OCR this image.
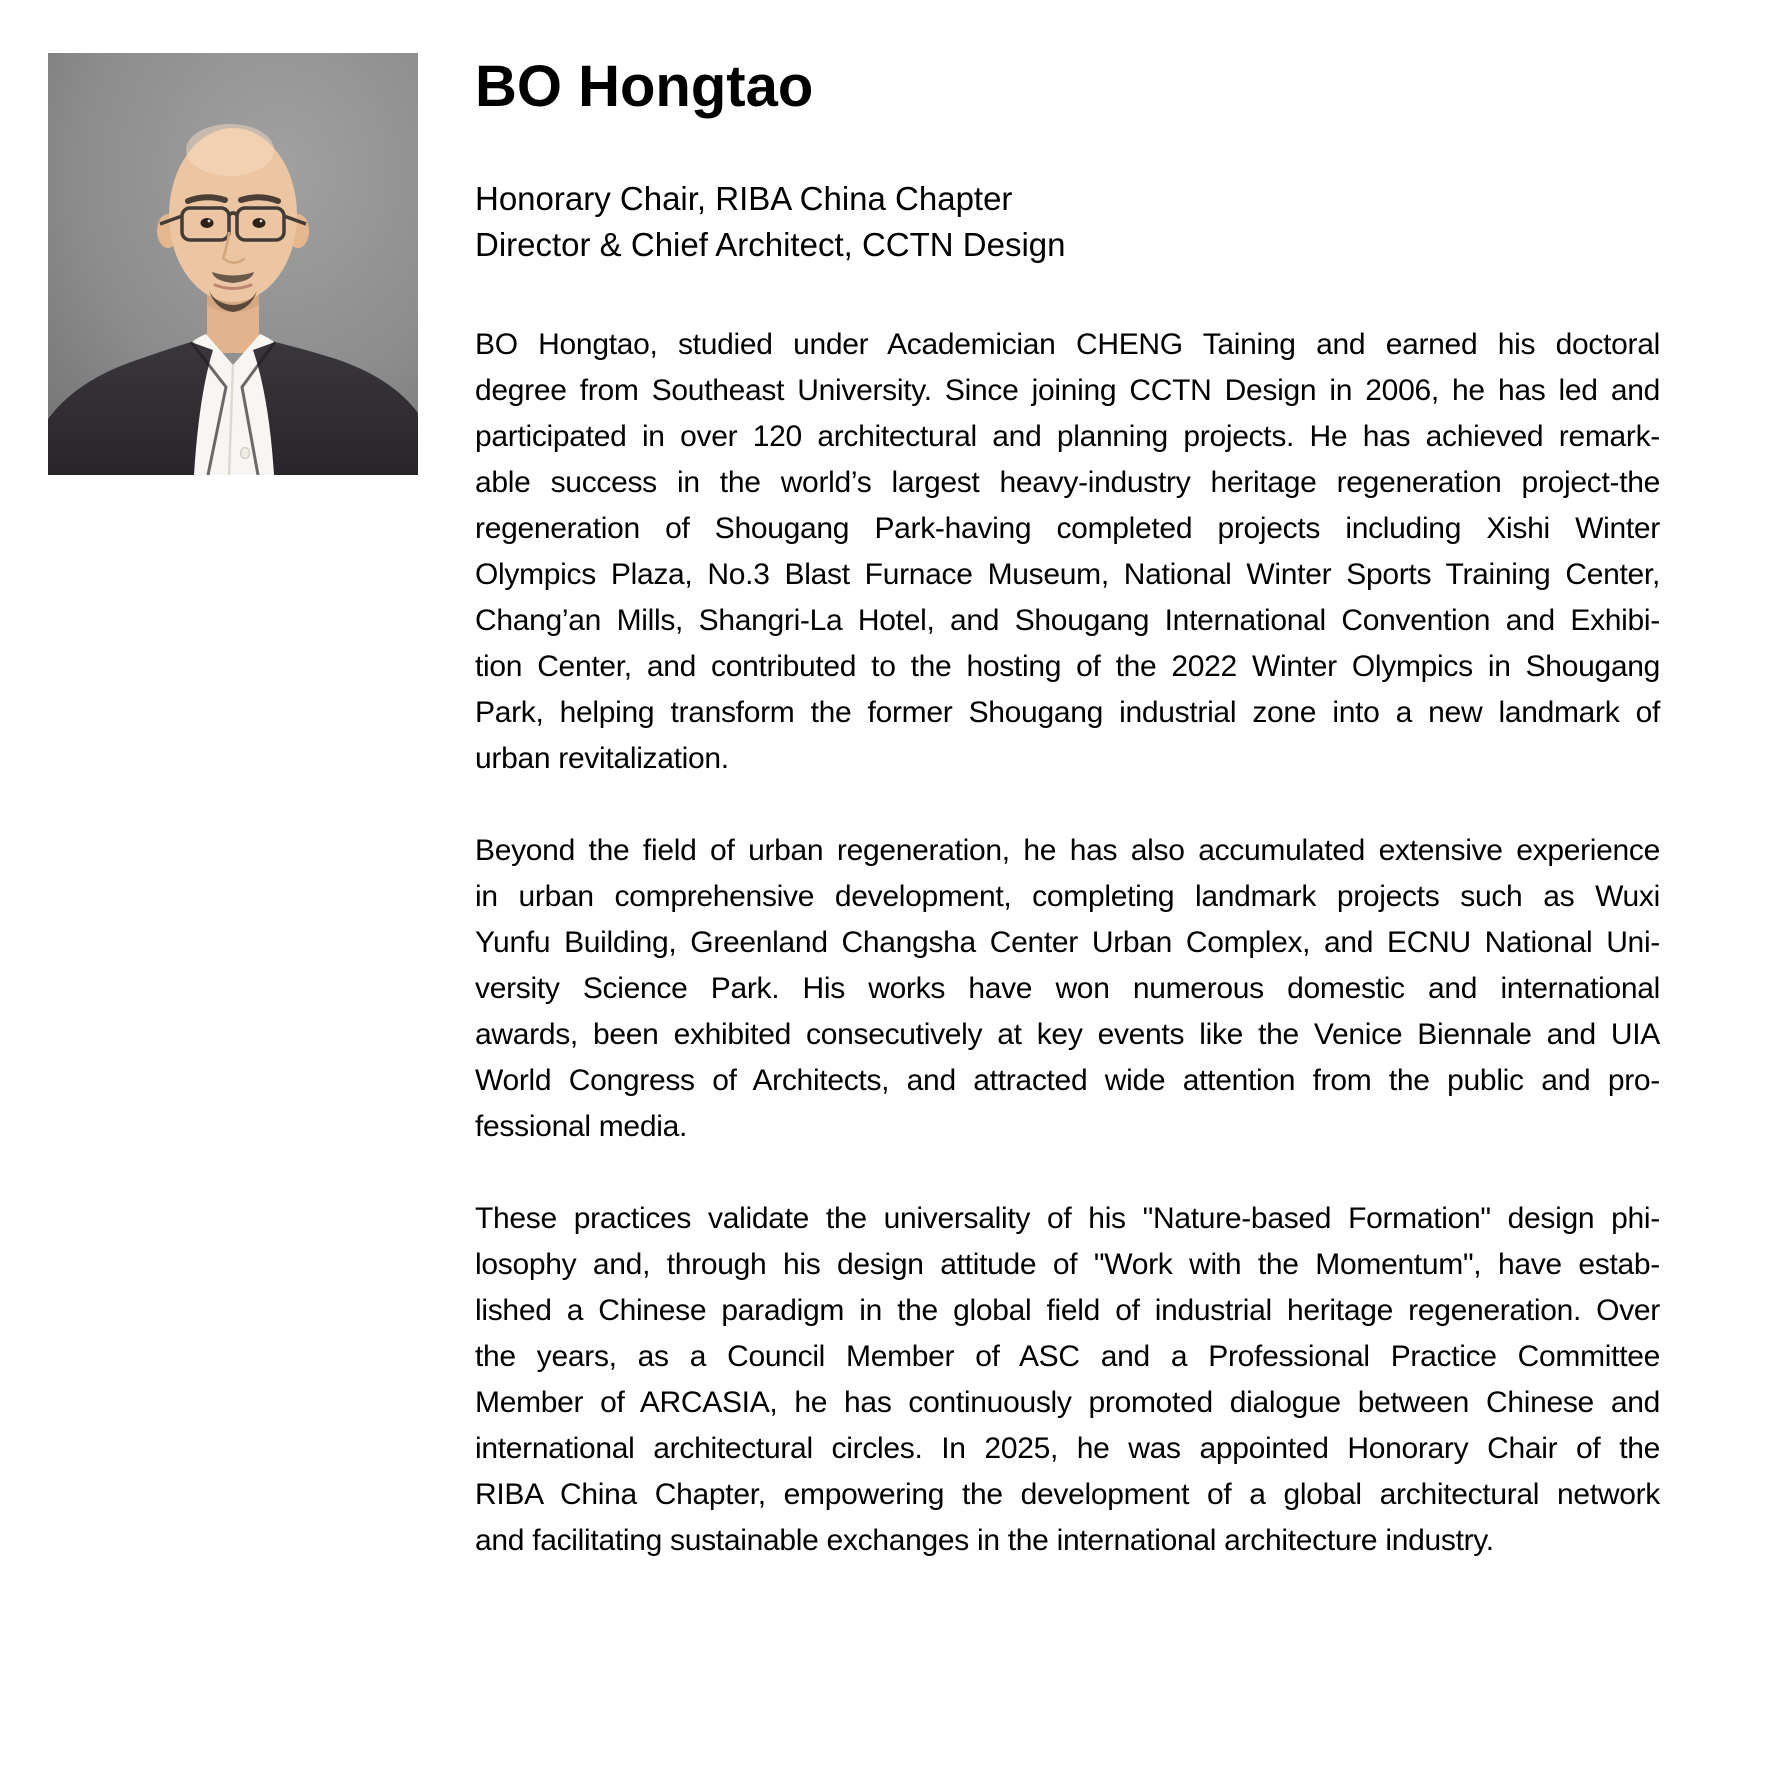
BO Hongtao
Honorary Chair, RIBA China Chapter
Director & Chief Architect, CCTN Design
BO Hongtao, studied under Academician CHENG Taining and earned his doctoral
degree from Southeast University. Since joining CCTN Design in 2006, he has led and
participated in over 120 architectural and planning projects. He has achieved remark-
able success in the world’s largest heavy-industry heritage regeneration project-the
regeneration of Shougang Park-having completed projects including Xishi Winter
Olympics Plaza, No.3 Blast Furnace Museum, National Winter Sports Training Center,
Chang’an Mills, Shangri-La Hotel, and Shougang International Convention and Exhibi-
tion Center, and contributed to the hosting of the 2022 Winter Olympics in Shougang
Park, helping transform the former Shougang industrial zone into a new landmark of
urban revitalization.
Beyond the field of urban regeneration, he has also accumulated extensive experience
in urban comprehensive development, completing landmark projects such as Wuxi
Yunfu Building, Greenland Changsha Center Urban Complex, and ECNU National Uni-
versity Science Park. His works have won numerous domestic and international
awards, been exhibited consecutively at key events like the Venice Biennale and UIA
World Congress of Architects, and attracted wide attention from the public and pro-
fessional media.
These practices validate the universality of his "Nature-based Formation" design phi-
losophy and, through his design attitude of "Work with the Momentum", have estab-
lished a Chinese paradigm in the global field of industrial heritage regeneration. Over
the years, as a Council Member of ASC and a Professional Practice Committee
Member of ARCASIA, he has continuously promoted dialogue between Chinese and
international architectural circles. In 2025, he was appointed Honorary Chair of the
RIBA China Chapter, empowering the development of a global architectural network
and facilitating sustainable exchanges in the international architecture industry.
